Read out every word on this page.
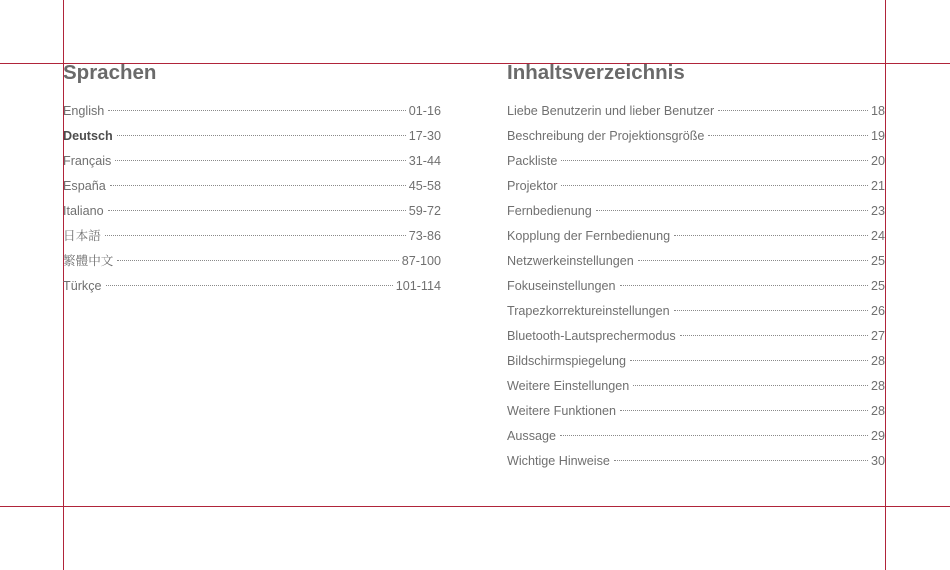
Sprachen
English	01-16
Deutsch	17-30
Français	31-44
España	45-58
Italiano	59-72
日本語	73-86
繁體中文	87-100
Türkçe	101-114
Inhaltsverzeichnis
Liebe Benutzerin und lieber Benutzer	18
Beschreibung der Projektionsgröße	19
Packliste	20
Projektor	21
Fernbedienung	23
Kopplung der Fernbedienung	24
Netzwerkeinstellungen	25
Fokuseinstellungen	25
Trapezkorrektureinstellungen	26
Bluetooth-Lautsprechermodus	27
Bildschirmspiegelung	28
Weitere Einstellungen	28
Weitere Funktionen	28
Aussage	29
Wichtige Hinweise	30
